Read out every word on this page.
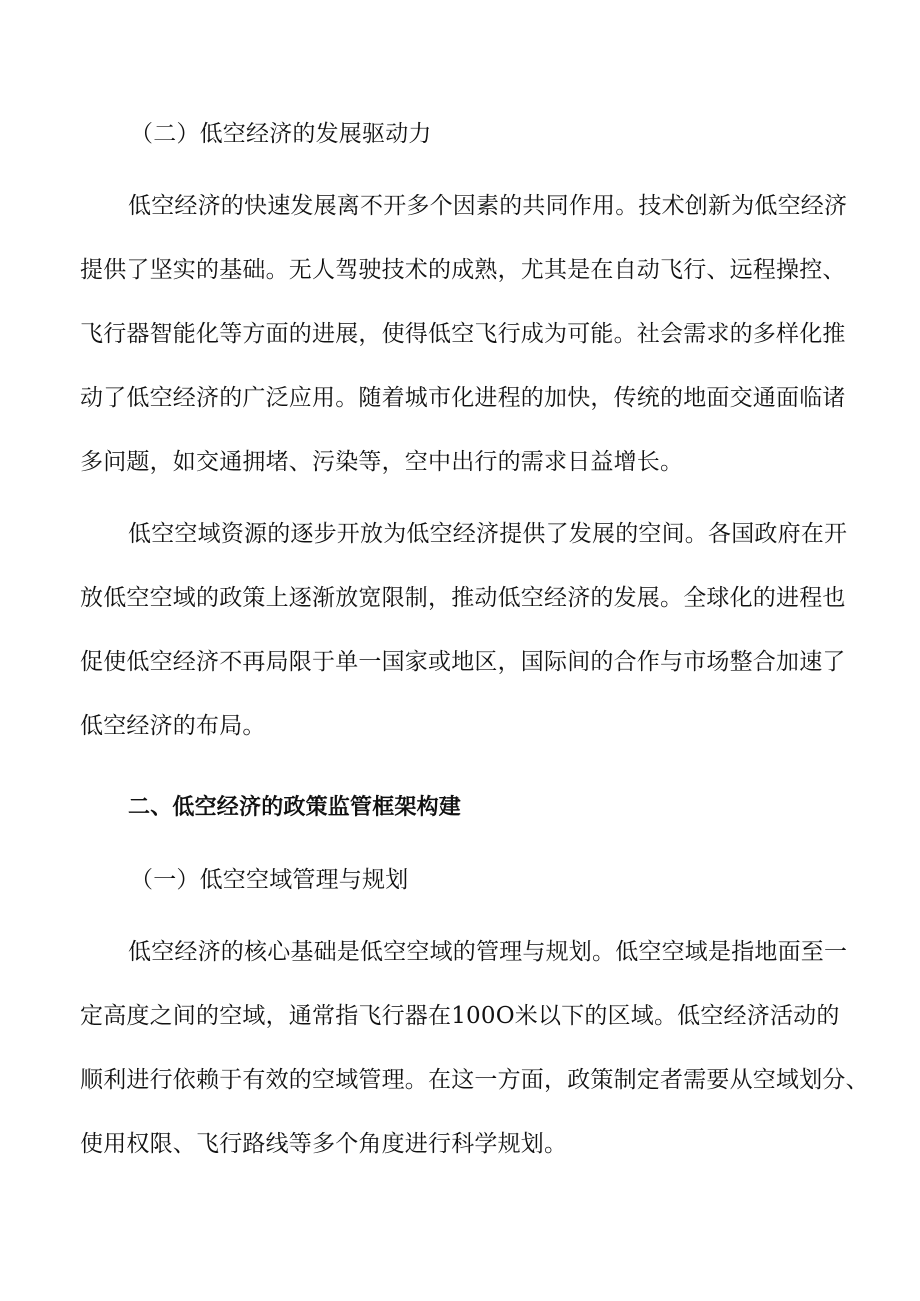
（二）低空经济的发展驱动力
低空经济的快速发展离不开多个因素的共同作用。技术创新为低空经济
提供了坚实的基础。无人驾驶技术的成熟，尤其是在自动飞行、远程操控、
飞行器智能化等方面的进展，使得低空飞行成为可能。社会需求的多样化推
动了低空经济的广泛应用。随着城市化进程的加快，传统的地面交通面临诸
多问题，如交通拥堵、污染等，空中出行的需求日益增长。
低空空域资源的逐步开放为低空经济提供了发展的空间。各国政府在开
放低空空域的政策上逐渐放宽限制，推动低空经济的发展。全球化的进程也
促使低空经济不再局限于单一国家或地区，国际间的合作与市场整合加速了
低空经济的布局。
二、低空经济的政策监管框架构建
（一）低空空域管理与规划
低空经济的核心基础是低空空域的管理与规划。低空空域是指地面至一
定高度之间的空域，通常指飞行器在100O米以下的区域。低空经济活动的
顺利进行依赖于有效的空域管理。在这一方面，政策制定者需要从空域划分、
使用权限、飞行路线等多个角度进行科学规划。
